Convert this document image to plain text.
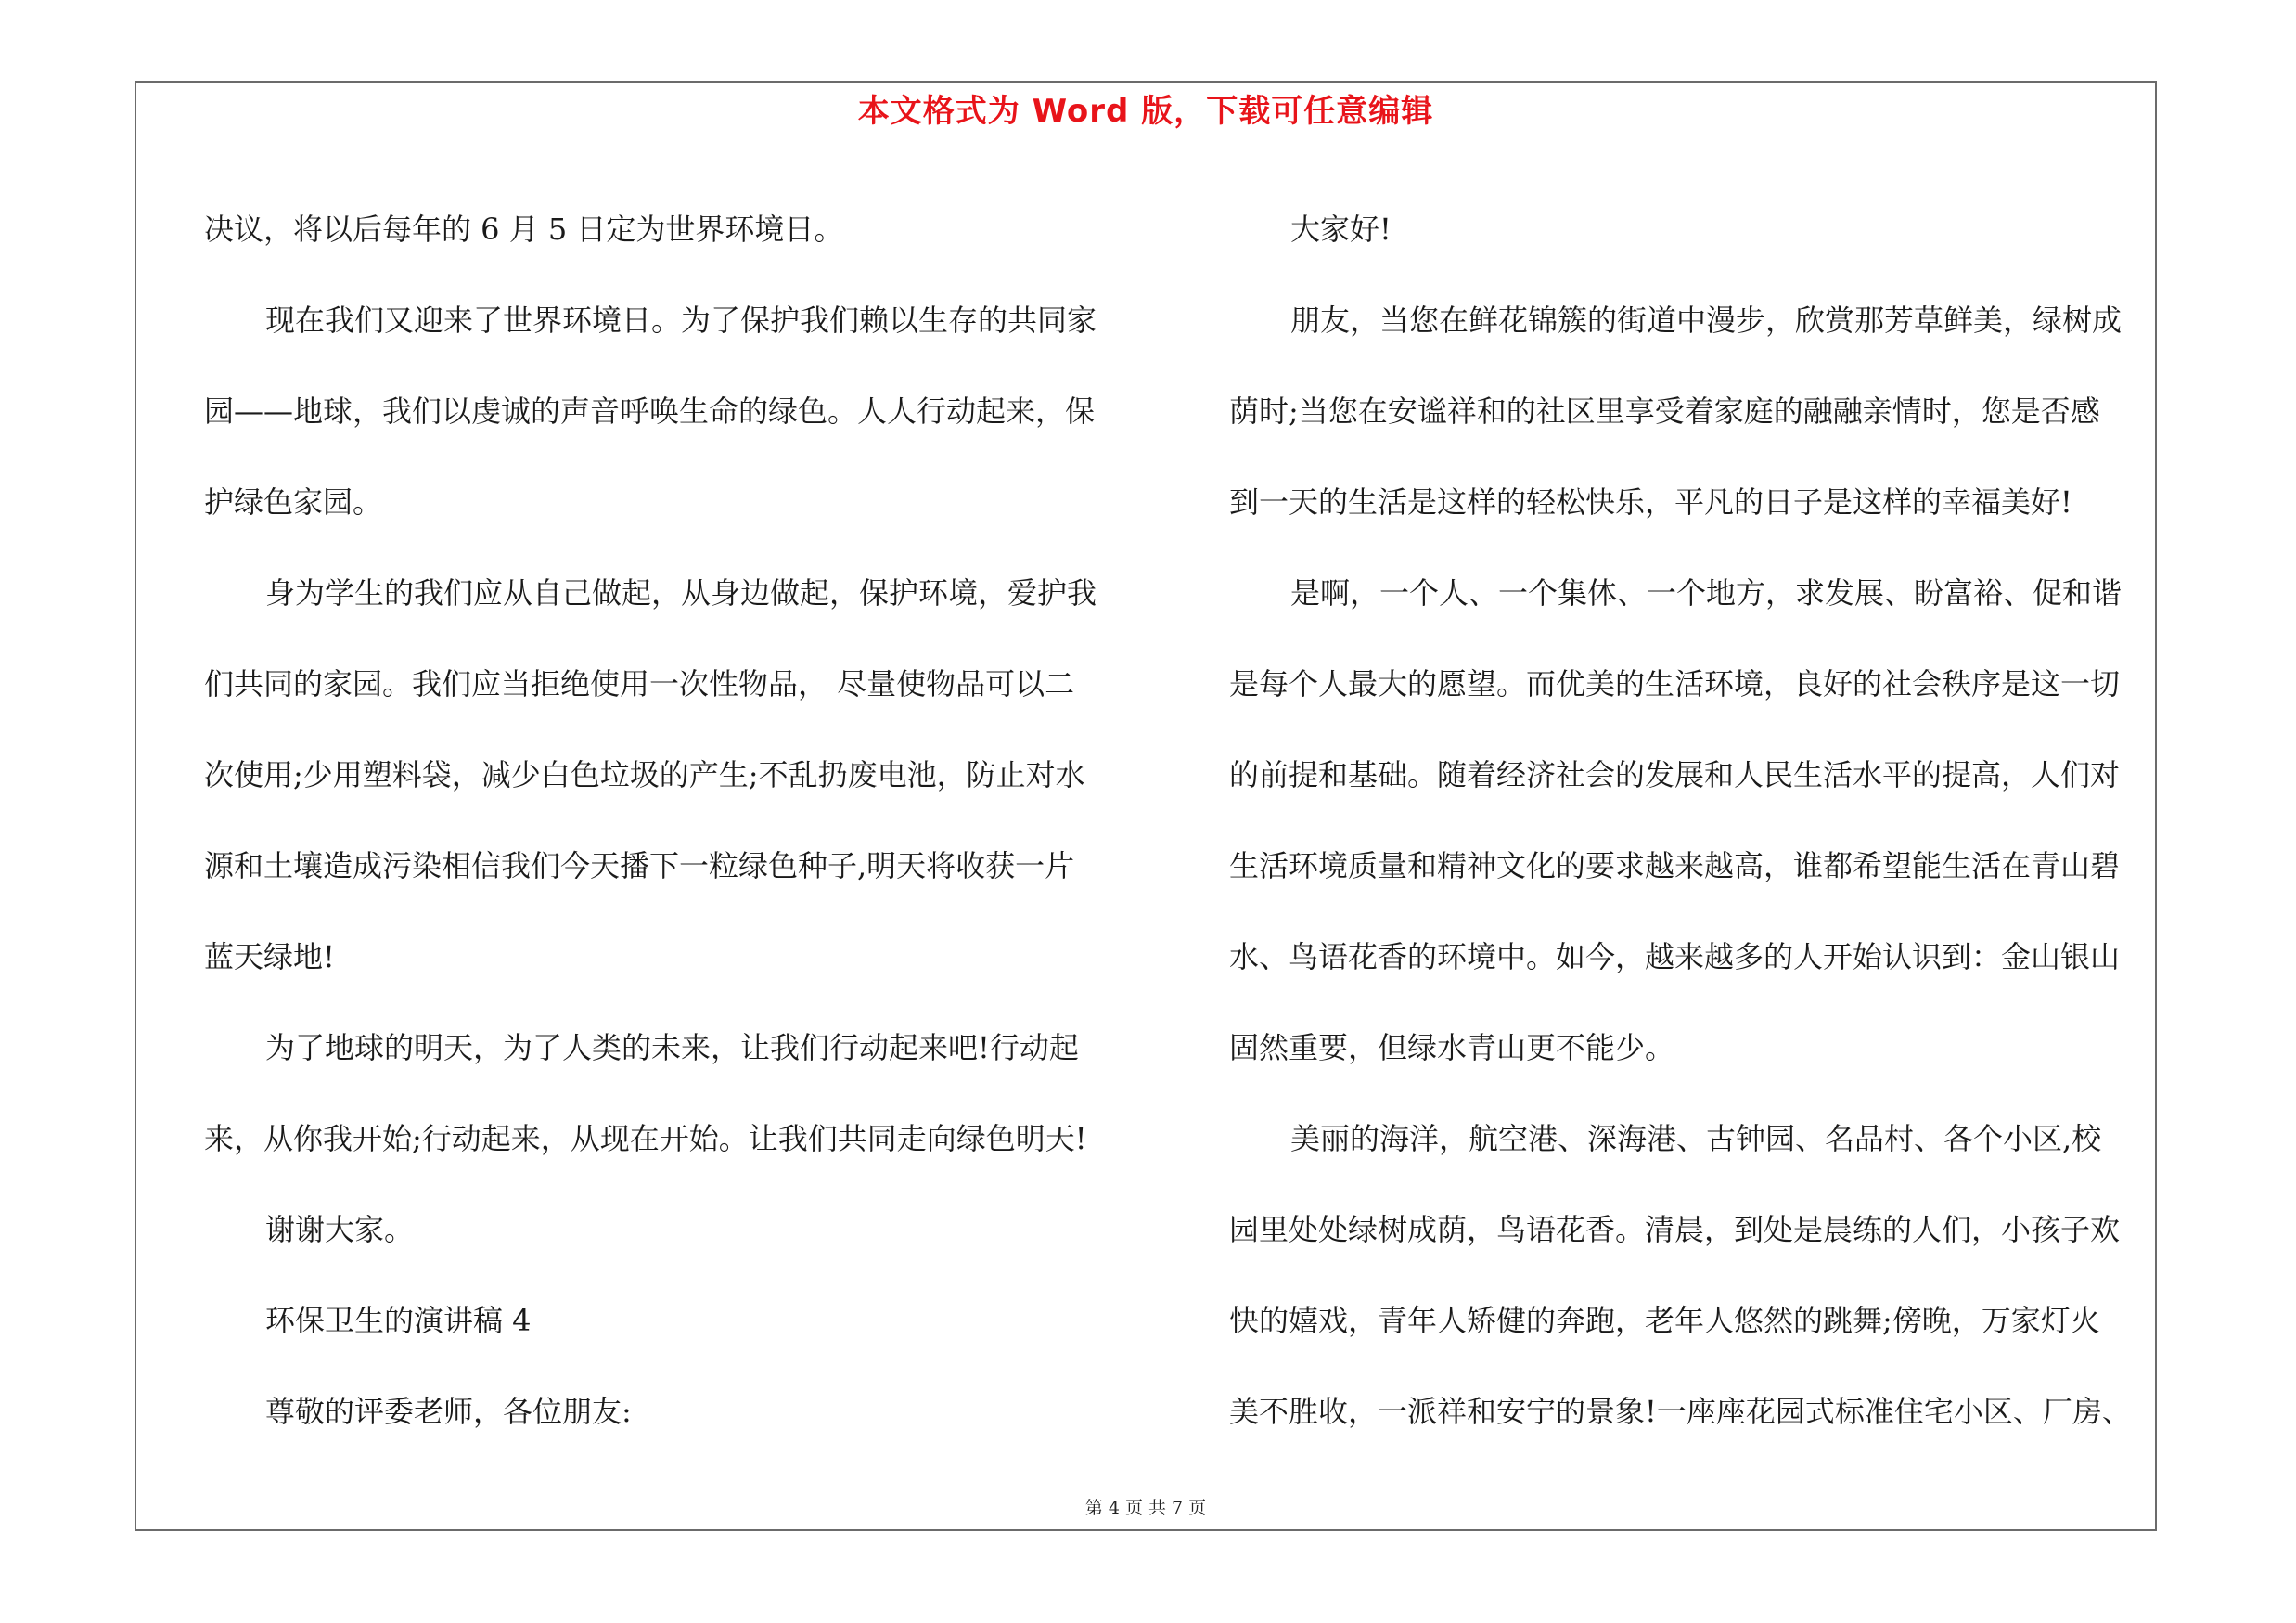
本文格式为 Word 版，下载可任意编辑

决议，将以后每年的 6 月 5 日定为世界环境日。

现在我们又迎来了世界环境日。为了保护我们赖以生存的共同家

园——地球，我们以虔诚的声音呼唤生命的绿色。人人行动起来，保

护绿色家园。

身为学生的我们应从自己做起，从身边做起，保护环境，爱护我

们共同的家园。我们应当拒绝使用一次性物品， 尽量使物品可以二

次使用;少用塑料袋，减少白色垃圾的产生;不乱扔废电池，防止对水

源和土壤造成污染相信我们今天播下一粒绿色种子,明天将收获一片

蓝天绿地!

为了地球的明天，为了人类的未来，让我们行动起来吧!行动起

来，从你我开始;行动起来，从现在开始。让我们共同走向绿色明天!

谢谢大家。

环保卫生的演讲稿 4

尊敬的评委老师，各位朋友:

大家好!

朋友，当您在鲜花锦簇的街道中漫步，欣赏那芳草鲜美，绿树成

荫时;当您在安谧祥和的社区里享受着家庭的融融亲情时，您是否感

到一天的生活是这样的轻松快乐，平凡的日子是这样的幸福美好!

是啊，一个人、一个集体、一个地方，求发展、盼富裕、促和谐

是每个人最大的愿望。而优美的生活环境，良好的社会秩序是这一切

的前提和基础。随着经济社会的发展和人民生活水平的提高，人们对

生活环境质量和精神文化的要求越来越高，谁都希望能生活在青山碧

水、鸟语花香的环境中。如今，越来越多的人开始认识到：金山银山

固然重要，但绿水青山更不能少。

美丽的海洋，航空港、深海港、古钟园、名品村、各个小区,校

园里处处绿树成荫，鸟语花香。清晨，到处是晨练的人们，小孩子欢

快的嬉戏，青年人矫健的奔跑，老年人悠然的跳舞;傍晚，万家灯火

美不胜收，一派祥和安宁的景象!一座座花园式标准住宅小区、厂房、

第 4 页 共 7 页
